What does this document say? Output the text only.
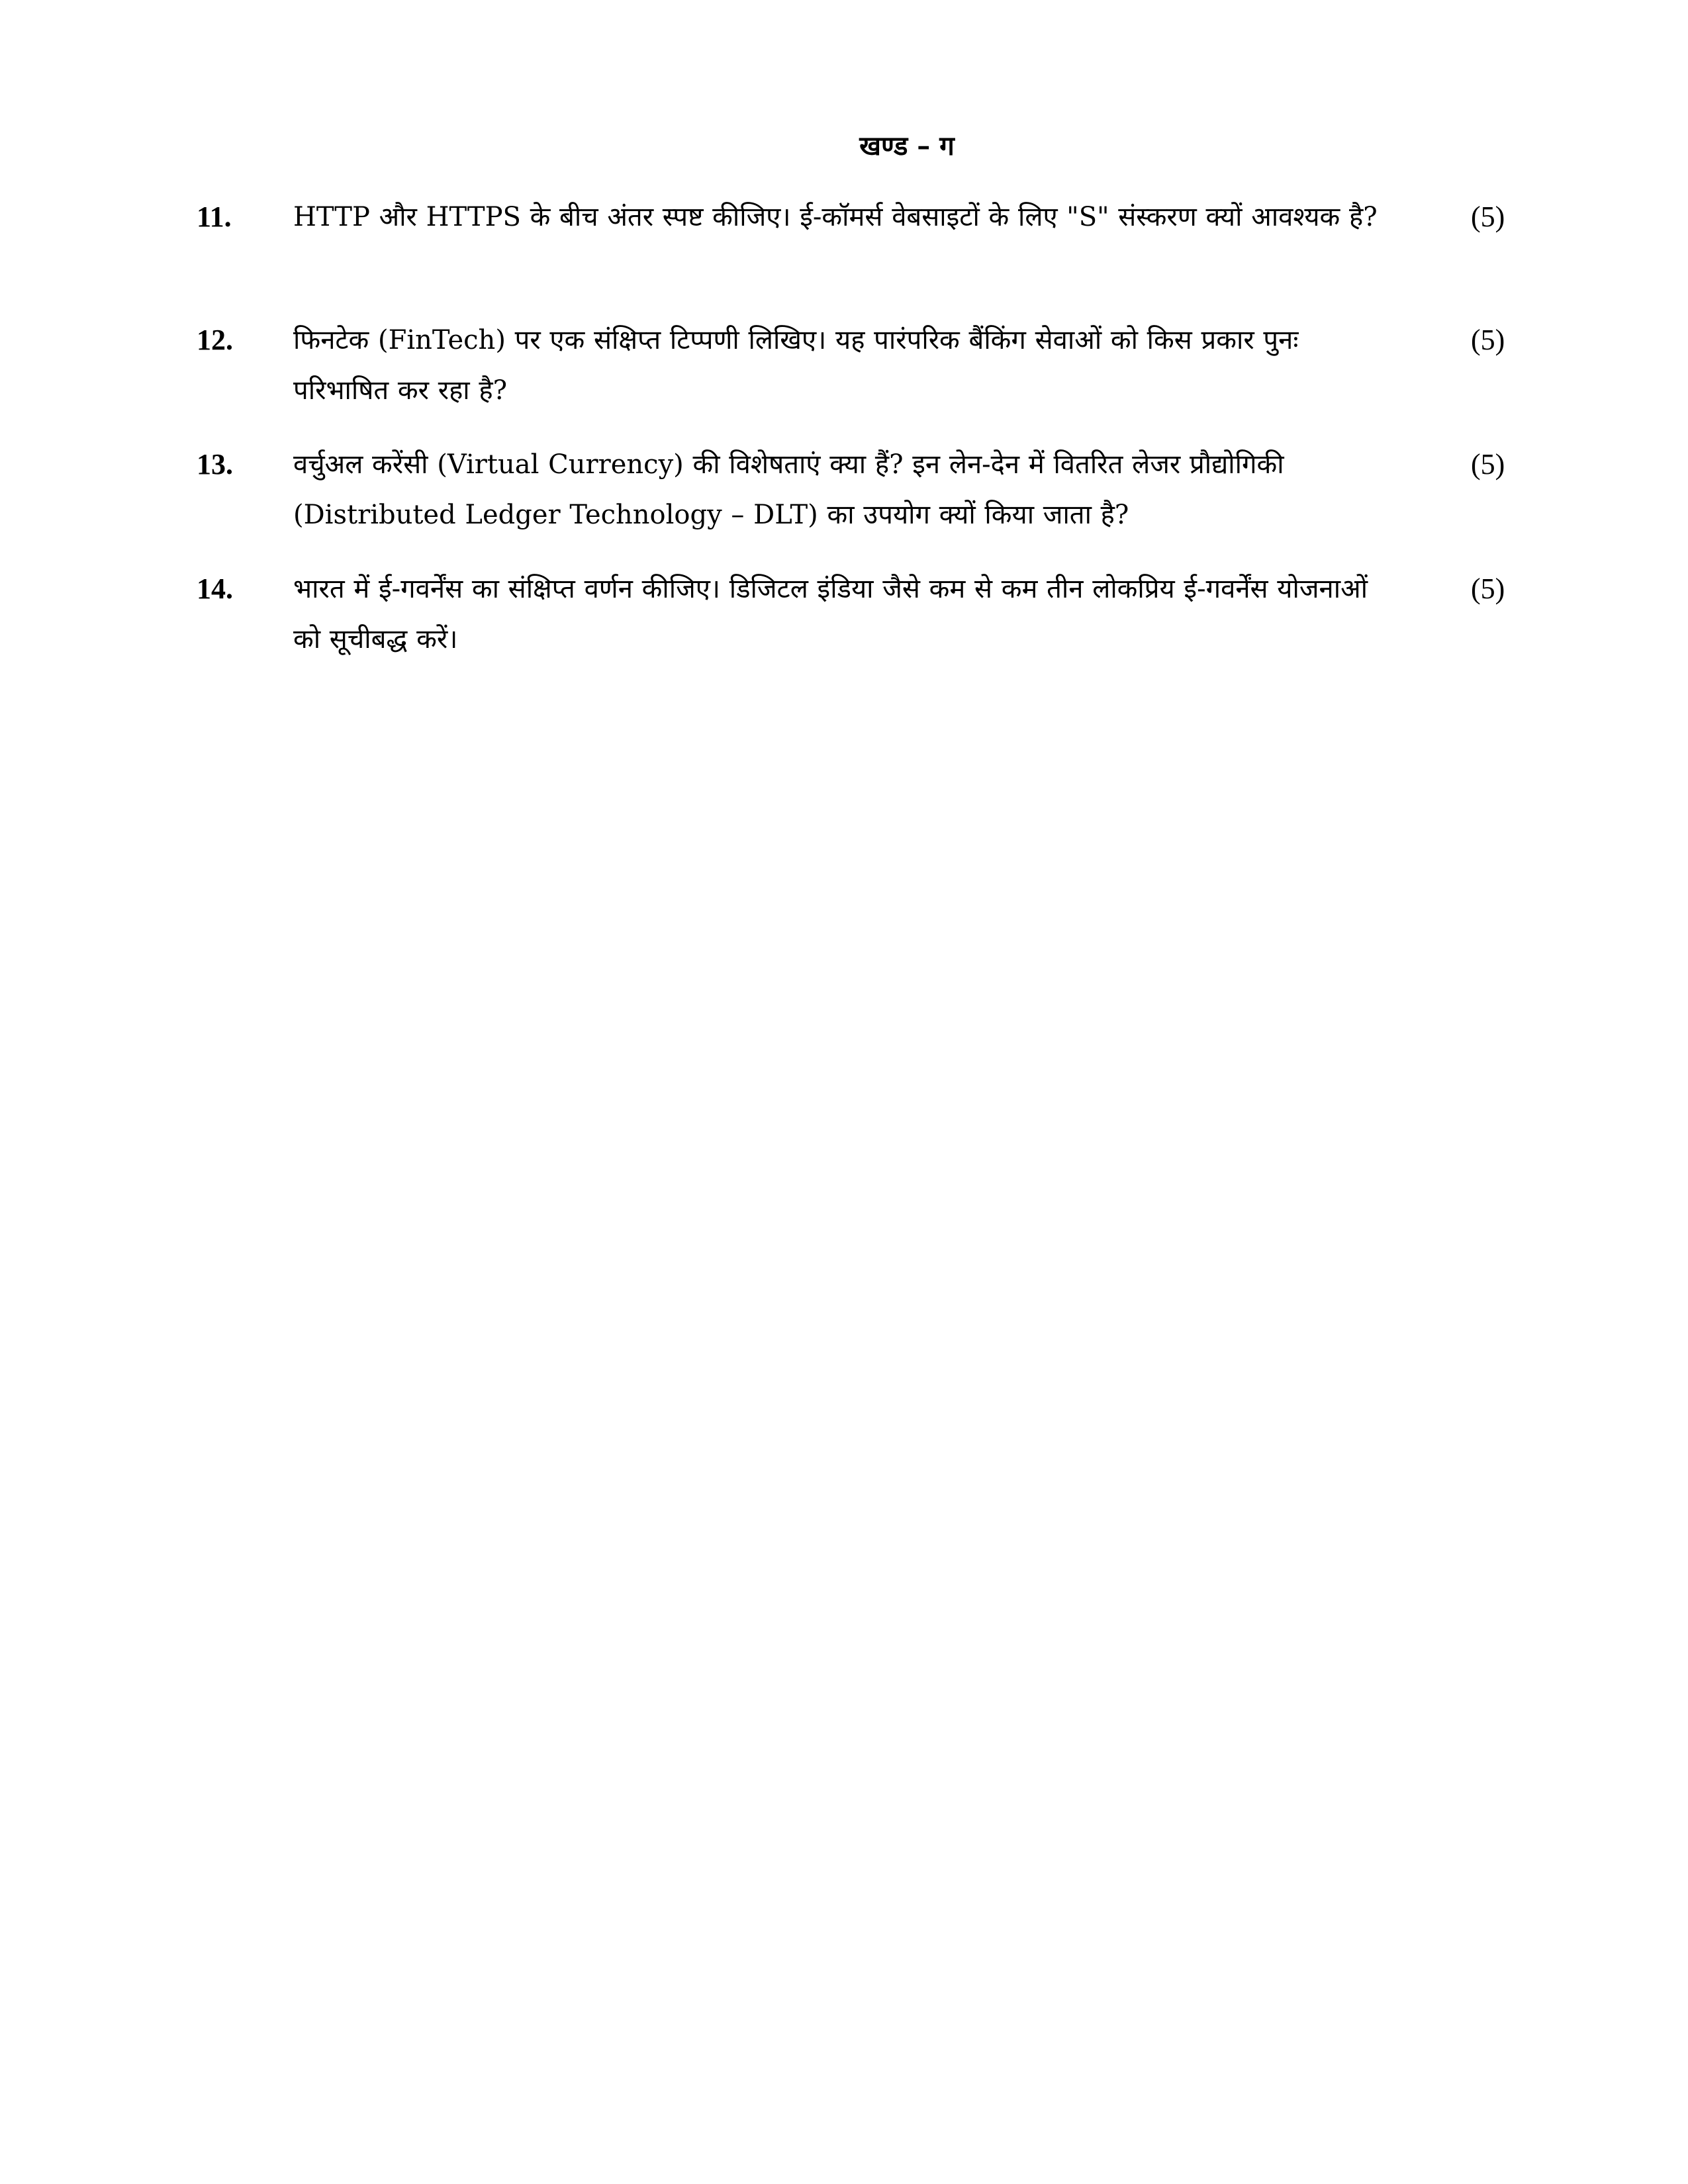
खण्ड – ग
11. HTTP और HTTPS के बीच अंतर स्पष्ट कीजिए। ई-कॉमर्स वेबसाइटों के लिए "S" संस्करण क्यों आवश्यक है?	(5)
12. फिनटेक (FinTech) पर एक संक्षिप्त टिप्पणी लिखिए। यह पारंपरिक बैंकिंग सेवाओं को किस प्रकार पुनः परिभाषित कर रहा है?
(5)
13. वर्चुअल करेंसी (Virtual Currency) की विशेषताएं क्या हैं? इन लेन-देन में वितरित लेजर प्रौद्योगिकी (Distributed Ledger Technology – DLT) का उपयोग क्यों किया जाता है?
(5)
14. भारत में ई-गवर्नेंस का संक्षिप्त वर्णन कीजिए। डिजिटल इंडिया जैसे कम से कम तीन लोकप्रिय ई-गवर्नेंस योजनाओं को सूचीबद्ध करें।
(5)
